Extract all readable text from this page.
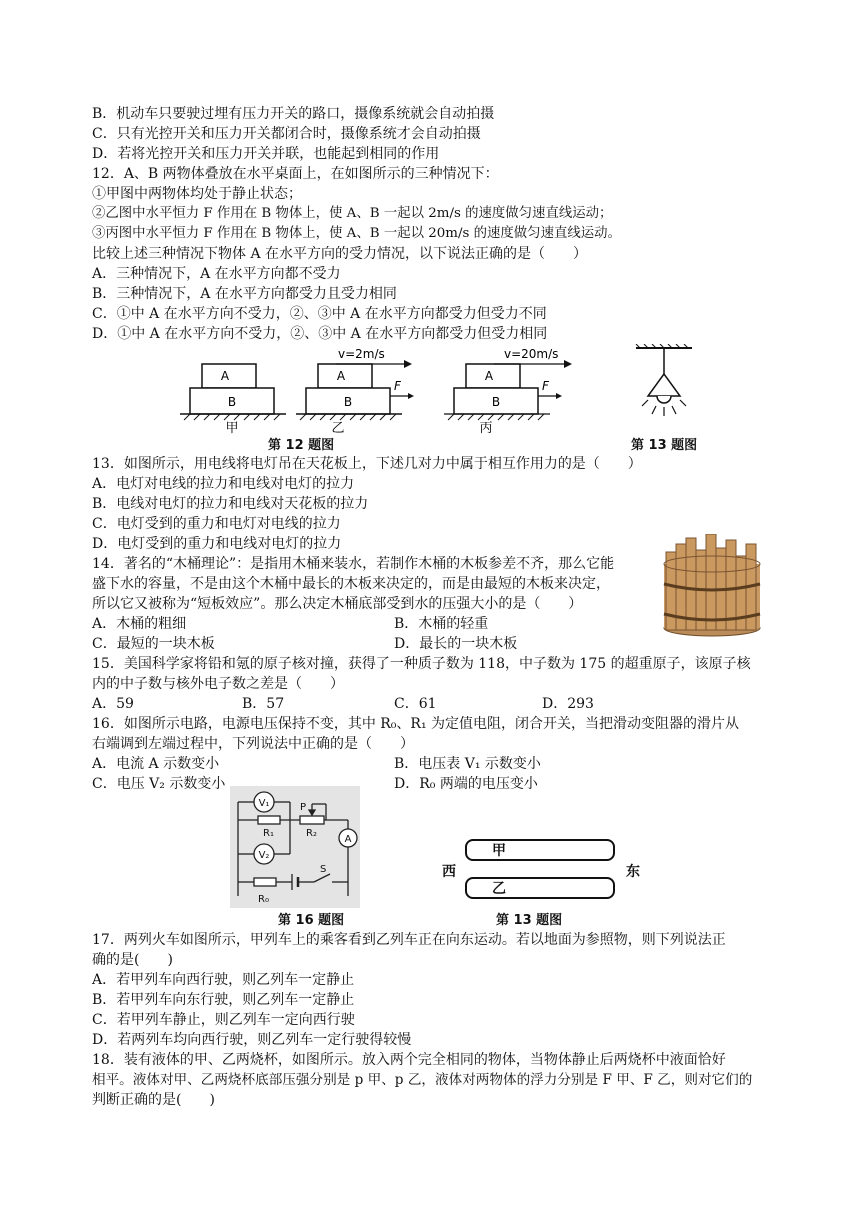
B．机动车只要驶过埋有压力开关的路口，摄像系统就会自动拍摄
C．只有光控开关和压力开关都闭合时，摄像系统才会自动拍摄
D．若将光控开关和压力开关并联，也能起到相同的作用
12．A、B 两物体叠放在水平桌面上，在如图所示的三种情况下：
①甲图中两物体均处于静止状态；
②乙图中水平恒力 F 作用在 B 物体上，使 A、B 一起以 2m/s 的速度做匀速直线运动；
③丙图中水平恒力 F 作用在 B 物体上，使 A、B 一起以 20m/s 的速度做匀速直线运动。
比较上述三种情况下物体 A 在水平方向的受力情况，以下说法正确的是（　　）
A．三种情况下，A 在水平方向都不受力
B．三种情况下，A 在水平方向都受力且受力相同
C．①中 A 在水平方向不受力，②、③中 A 在水平方向都受力但受力不同
D．①中 A 在水平方向不受力，②、③中 A 在水平方向都受力但受力相同
A
B
甲
v=2m/s
F
A
B
乙
v=20m/s
F
A
B
丙
第 12 题图	第 13 题图
13．如图所示，用电线将电灯吊在天花板上，下述几对力中属于相互作用力的是（　　）
A．电灯对电线的拉力和电线对电灯的拉力
B．电线对电灯的拉力和电线对天花板的拉力
C．电灯受到的重力和电灯对电线的拉力
D．电灯受到的重力和电线对电灯的拉力
14．著名的“木桶理论”：是指用木桶来装水，若制作木桶的木板参差不齐，那么它能
盛下水的容量，不是由这个木桶中最长的木板来决定的，而是由最短的木板来决定，
所以它又被称为“短板效应”。那么决定木桶底部受到水的压强大小的是（　　）
A．木桶的粗细	B．木桶的轻重
C．最短的一块木板	D．最长的一块木板
15．美国科学家将铅和氪的原子核对撞，获得了一种质子数为 118，中子数为 175 的超重原子，该原子核
内的中子数与核外电子数之差是（　　）
A．59	B．57	C．61	D．293
16．如图所示电路，电源电压保持不变，其中 R₀、R₁ 为定值电阻，闭合开关，当把滑动变阻器的滑片从
右端调到左端过程中，下列说法中正确的是（　　）
A．电流 A 示数变小	B．电压表 V₁ 示数变小
C．电压 V₂ 示数变小	D．R₀ 两端的电压变小
V₁
V₂
A
P
R₁	R₂
R₀
S
第 16 题图
甲
乙
西	东
第 13 题图
17．两列火车如图所示，甲列车上的乘客看到乙列车正在向东运动。若以地面为参照物，则下列说法正
确的是(　　)
A．若甲列车向西行驶，则乙列车一定静止
B．若甲列车向东行驶，则乙列车一定静止
C．若甲列车静止，则乙列车一定向西行驶
D．若两列车均向西行驶，则乙列车一定行驶得较慢
18．装有液体的甲、乙两烧杯，如图所示。放入两个完全相同的物体，当物体静止后两烧杯中液面恰好
相平。液体对甲、乙两烧杯底部压强分别是 p 甲、p 乙，液体对两物体的浮力分别是 F 甲、F 乙，则对它们的
判断正确的是(　　)
